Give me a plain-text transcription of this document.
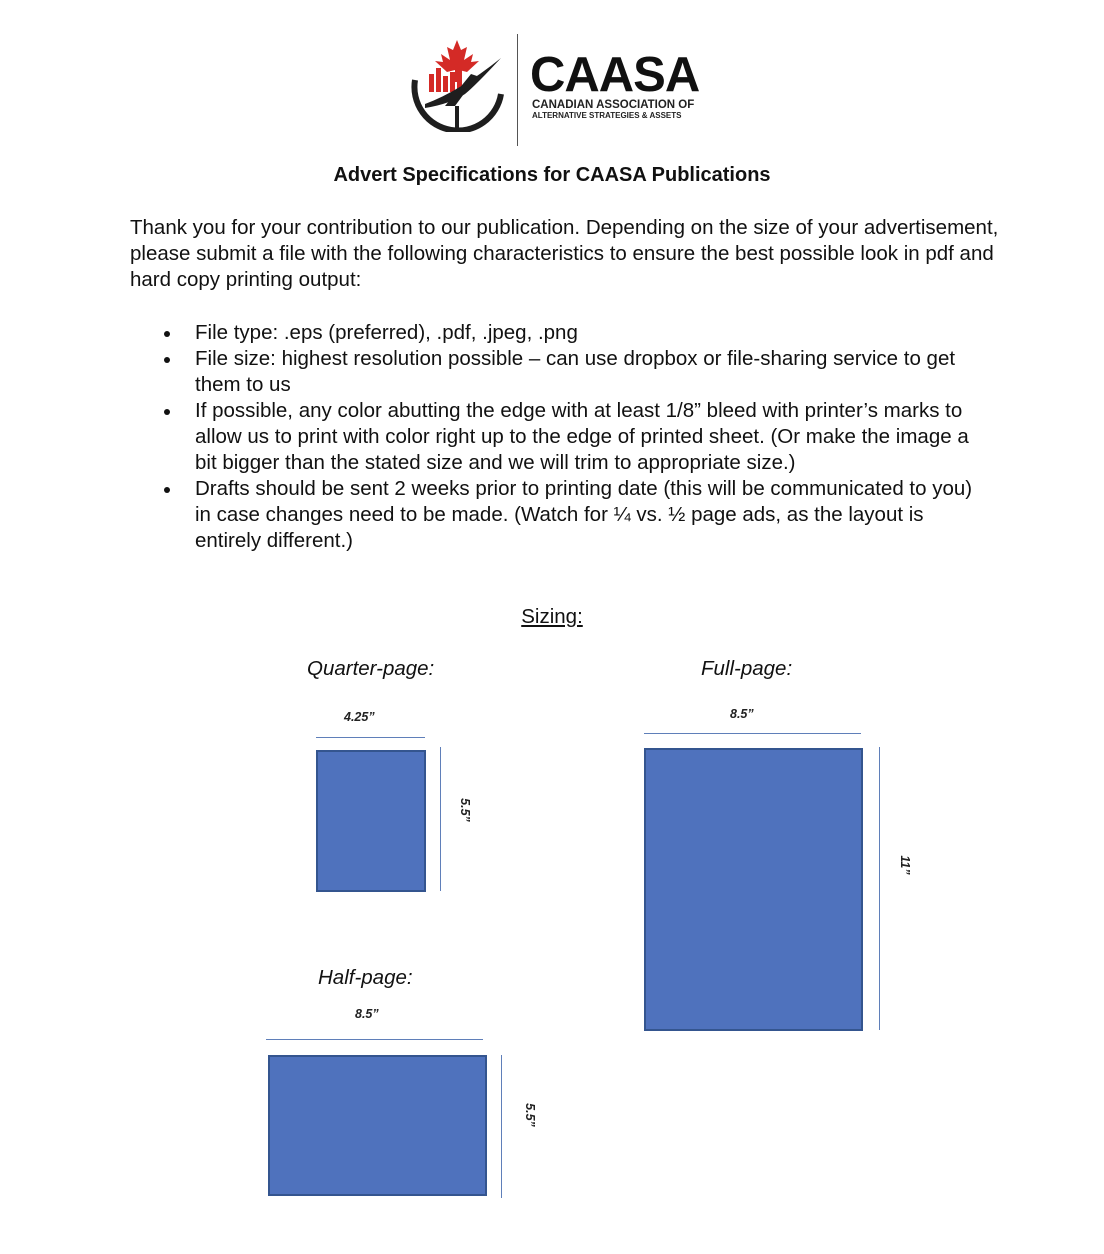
CAASA
CANADIAN ASSOCIATION OF
ALTERNATIVE STRATEGIES & ASSETS
Advert Specifications for CAASA Publications

Thank you for your contribution to our publication. Depending on the size of your advertisement, please submit a file with the following characteristics to ensure the best possible look in pdf and hard copy printing output:

File type: .eps (preferred), .pdf, .jpeg, .png
File size: highest resolution possible – can use dropbox or file-sharing service to get them to us
If possible, any color abutting the edge with at least 1/8” bleed with printer’s marks to allow us to print with color right up to the edge of printed sheet. (Or make the image a bit bigger than the stated size and we will trim to appropriate size.)
Drafts should be sent 2 weeks prior to printing date (this will be communicated to you) in case changes need to be made. (Watch for ¼ vs. ½ page ads, as the layout is entirely different.)
Sizing:
Quarter-page:
4.25”
5.5”
Full-page:
8.5”
11”
Half-page:
8.5”
5.5”
